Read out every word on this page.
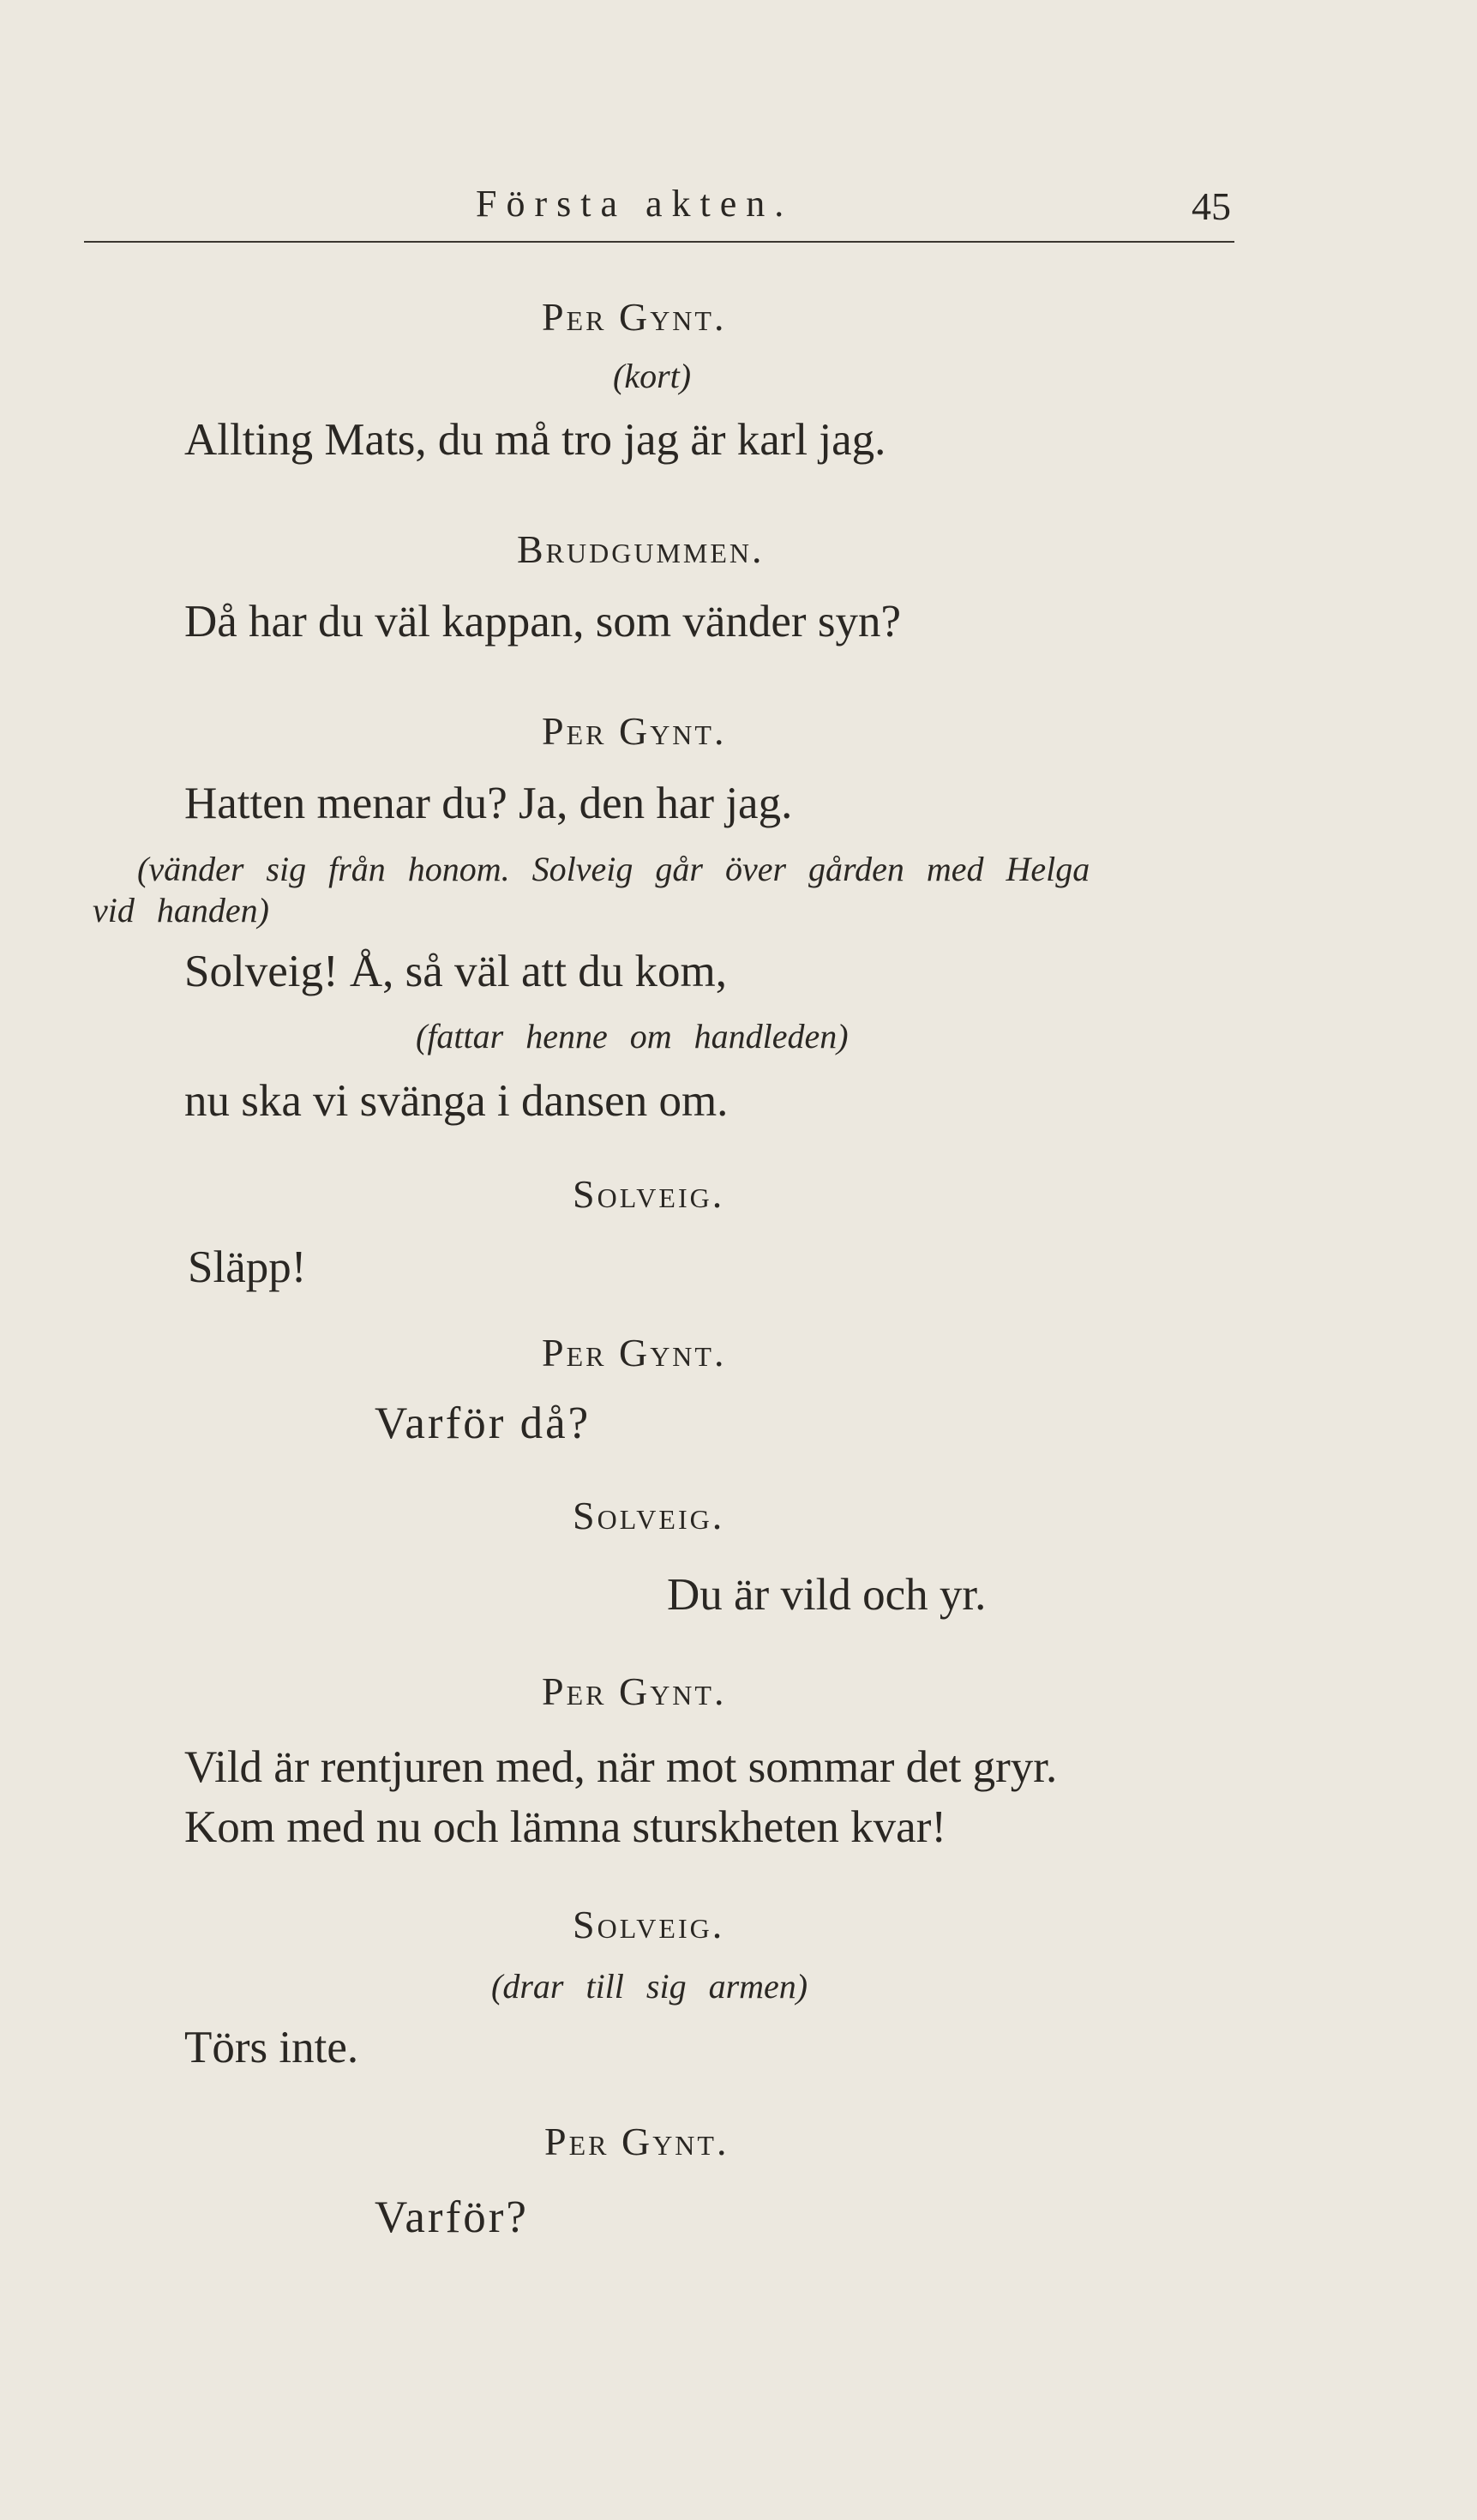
Första akten.	45
Per Gynt.
(kort)
Allting Mats, du må tro jag är karl jag.
Brudgummen.
Då har du väl kappan, som vänder syn?
Per Gynt.
Hatten menar du? Ja, den har jag.
(vänder sig från honom. Solveig går över gården med Helga
vid handen)
Solveig! Å, så väl att du kom,
(fattar henne om handleden)
nu ska vi svänga i dansen om.
Solveig.
Släpp!
Per Gynt.
Varför då?
Solveig.
Du är vild och yr.
Per Gynt.
Vild är rentjuren med, när mot sommar det gryr.
Kom med nu och lämna sturskheten kvar!
Solveig.
(drar till sig armen)
Törs inte.
Per Gynt.
Varför?
